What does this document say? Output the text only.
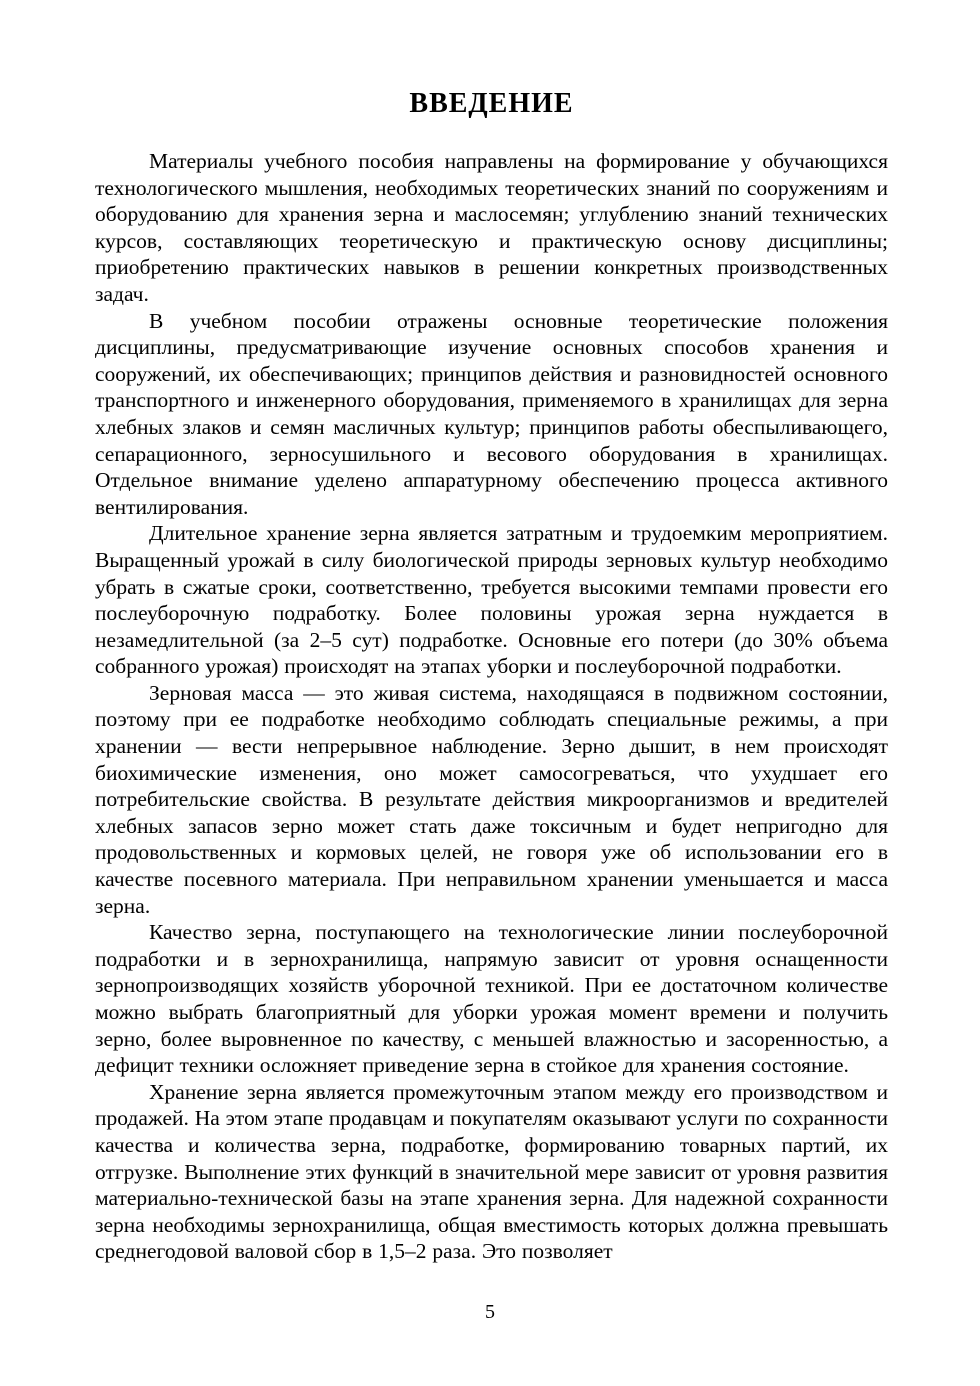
ВВЕДЕНИЕ

Материалы учебного пособия направлены на формирование у обучающихся технологического мышления, необходимых теоретических знаний по сооружениям и оборудованию для хранения зерна и маслосемян; углублению знаний технических курсов, составляющих теоретическую и практическую основу дисциплины; приобретению практических навыков в решении конкретных производственных задач.

В учебном пособии отражены основные теоретические положения дисциплины, предусматривающие изучение основных способов хранения и сооружений, их обеспечивающих; принципов действия и разновидностей основного транспортного и инженерного оборудования, применяемого в хранилищах для зерна хлебных злаков и семян масличных культур; принципов работы обеспыливающего, сепарационного, зерносушильного и весового оборудования в хранилищах. Отдельное внимание уделено аппаратурному обеспечению процесса активного вентилирования.

Длительное хранение зерна является затратным и трудоемким мероприятием. Выращенный урожай в силу биологической природы зерновых культур необходимо убрать в сжатые сроки, соответственно, требуется высокими темпами провести его послеуборочную подработку. Более половины урожая зерна нуждается в незамедлительной (за 2–5 сут) подработке. Основные его потери (до 30% объема собранного урожая) происходят на этапах уборки и послеуборочной подработки.

Зерновая масса — это живая система, находящаяся в подвижном состоянии, поэтому при ее подработке необходимо соблюдать специальные режимы, а при хранении — вести непрерывное наблюдение. Зерно дышит, в нем происходят биохимические изменения, оно может самосогреваться, что ухудшает его потребительские свойства. В результате действия микроорганизмов и вредителей хлебных запасов зерно может стать даже токсичным и будет непригодно для продовольственных и кормовых целей, не говоря уже об использовании его в качестве посевного материала. При неправильном хранении уменьшается и масса зерна.

Качество зерна, поступающего на технологические линии послеуборочной подработки и в зернохранилища, напрямую зависит от уровня оснащенности зернопроизводящих хозяйств уборочной техникой. При ее достаточном количестве можно выбрать благоприятный для уборки урожая момент времени и получить зерно, более выровненное по качеству, с меньшей влажностью и засоренностью, а дефицит техники осложняет приведение зерна в стойкое для хранения состояние.

Хранение зерна является промежуточным этапом между его производством и продажей. На этом этапе продавцам и покупателям оказывают услуги по сохранности качества и количества зерна, подработке, формированию товарных партий, их отгрузке. Выполнение этих функций в значительной мере зависит от уровня развития материально-технической базы на этапе хранения зерна. Для надежной сохранности зерна необходимы зернохранилища, общая вместимость которых должна превышать среднегодовой валовой сбор в 1,5–2 раза. Это позволяет

5
